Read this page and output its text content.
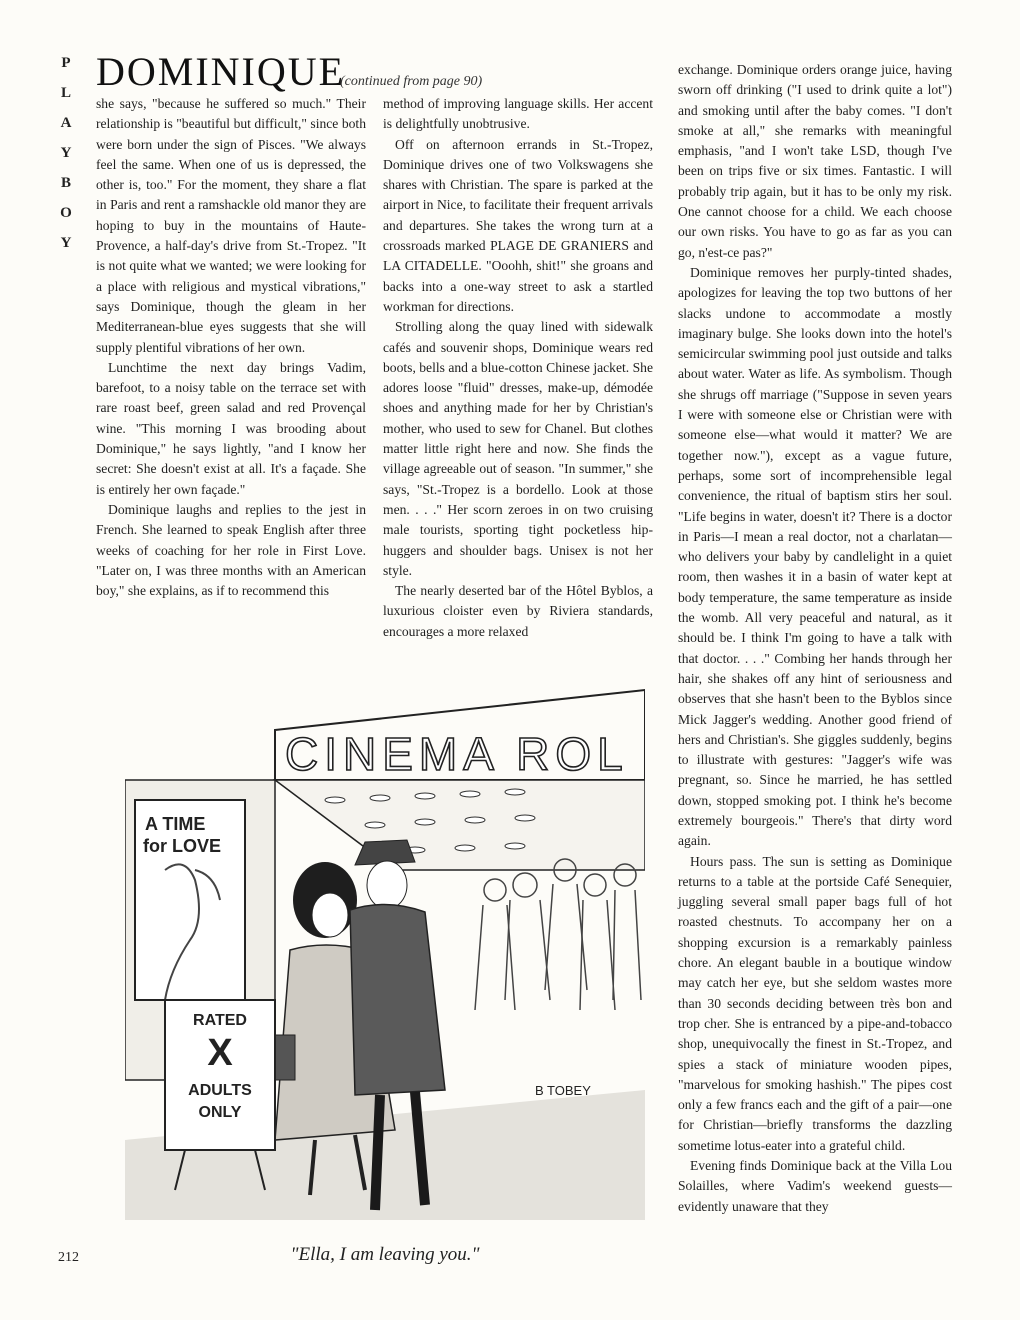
P
L
A
Y
B
O
Y
DOMINIQUE
(continued from page 90)

she says, "because he suffered so much." Their relationship is "beautiful but difficult," since both were born under the sign of Pisces. "We always feel the same. When one of us is depressed, the other is, too." For the moment, they share a flat in Paris and rent a ramshackle old manor they are hoping to buy in the mountains of Haute-Provence, a half-day's drive from St.-Tropez. "It is not quite what we wanted; we were looking for a place with religious and mystical vibrations," says Dominique, though the gleam in her Mediterranean-blue eyes suggests that she will supply plentiful vibrations of her own.

Lunchtime the next day brings Vadim, barefoot, to a noisy table on the terrace set with rare roast beef, green salad and red Provençal wine. "This morning I was brooding about Dominique," he says lightly, "and I know her secret: She doesn't exist at all. It's a façade. She is entirely her own façade."

Dominique laughs and replies to the jest in French. She learned to speak English after three weeks of coaching for her role in First Love. "Later on, I was three months with an American boy," she explains, as if to recommend this

method of improving language skills. Her accent is delightfully unobtrusive.

Off on afternoon errands in St.-Tropez, Dominique drives one of two Volkswagens she shares with Christian. The spare is parked at the airport in Nice, to facilitate their frequent arrivals and departures. She takes the wrong turn at a crossroads marked PLAGE DE GRANIERS and LA CITADELLE. "Ooohh, shit!" she groans and backs into a one-way street to ask a startled workman for directions.

Strolling along the quay lined with sidewalk cafés and souvenir shops, Dominique wears red boots, bells and a blue-cotton Chinese jacket. She adores loose "fluid" dresses, make-up, démodée shoes and anything made for her by Christian's mother, who used to sew for Chanel. But clothes matter little right here and now. She finds the village agreeable out of season. "In summer," she says, "St.-Tropez is a bordello. Look at those men. . . ." Her scorn zeroes in on two cruising male tourists, sporting tight pocketless hip-huggers and shoulder bags. Unisex is not her style.

The nearly deserted bar of the Hôtel Byblos, a luxurious cloister even by Riviera standards, encourages a more relaxed

exchange. Dominique orders orange juice, having sworn off drinking ("I used to drink quite a lot") and smoking until after the baby comes. "I don't smoke at all," she remarks with meaningful emphasis, "and I won't take LSD, though I've been on trips five or six times. Fantastic. I will probably trip again, but it has to be only my risk. One cannot choose for a child. We each choose our own risks. You have to go as far as you can go, n'est-ce pas?"

Dominique removes her purply-tinted shades, apologizes for leaving the top two buttons of her slacks undone to accommodate a mostly imaginary bulge. She looks down into the hotel's semicircular swimming pool just outside and talks about water. Water as life. As symbolism. Though she shrugs off marriage ("Suppose in seven years I were with someone else or Christian were with someone else—what would it matter? We are together now."), except as a vague future, perhaps, some sort of incomprehensible legal convenience, the ritual of baptism stirs her soul. "Life begins in water, doesn't it? There is a doctor in Paris—I mean a real doctor, not a charlatan—who delivers your baby by candlelight in a quiet room, then washes it in a basin of water kept at body temperature, the same temperature as inside the womb. All very peaceful and natural, as it should be. I think I'm going to have a talk with that doctor. . . ." Combing her hands through her hair, she shakes off any hint of seriousness and observes that she hasn't been to the Byblos since Mick Jagger's wedding. Another good friend of hers and Christian's. She giggles suddenly, begins to illustrate with gestures: "Jagger's wife was pregnant, so. Since he married, he has settled down, stopped smoking pot. I think he's become extremely bourgeois." There's that dirty word again.

Hours pass. The sun is setting as Dominique returns to a table at the portside Café Senequier, juggling several small paper bags full of hot roasted chestnuts. To accompany her on a shopping excursion is a remarkably painless chore. An elegant bauble in a boutique window may catch her eye, but she seldom wastes more than 30 seconds deciding between très bon and trop cher. She is entranced by a pipe-and-tobacco shop, unequivocally the finest in St.-Tropez, and spies a stack of miniature wooden pipes, "marvelous for smoking hashish." The pipes cost only a few francs each and the gift of a pair—one for Christian—briefly transforms the dazzling sometime lotus-eater into a grateful child.

Evening finds Dominique back at the Villa Lou Solailles, where Vadim's weekend guests—evidently unaware that they

CINEMA ROL
A TIME
for LOVE
RATED
X
ADULTS
ONLY
B TOBEY
"Ella, I am leaving you."
212
